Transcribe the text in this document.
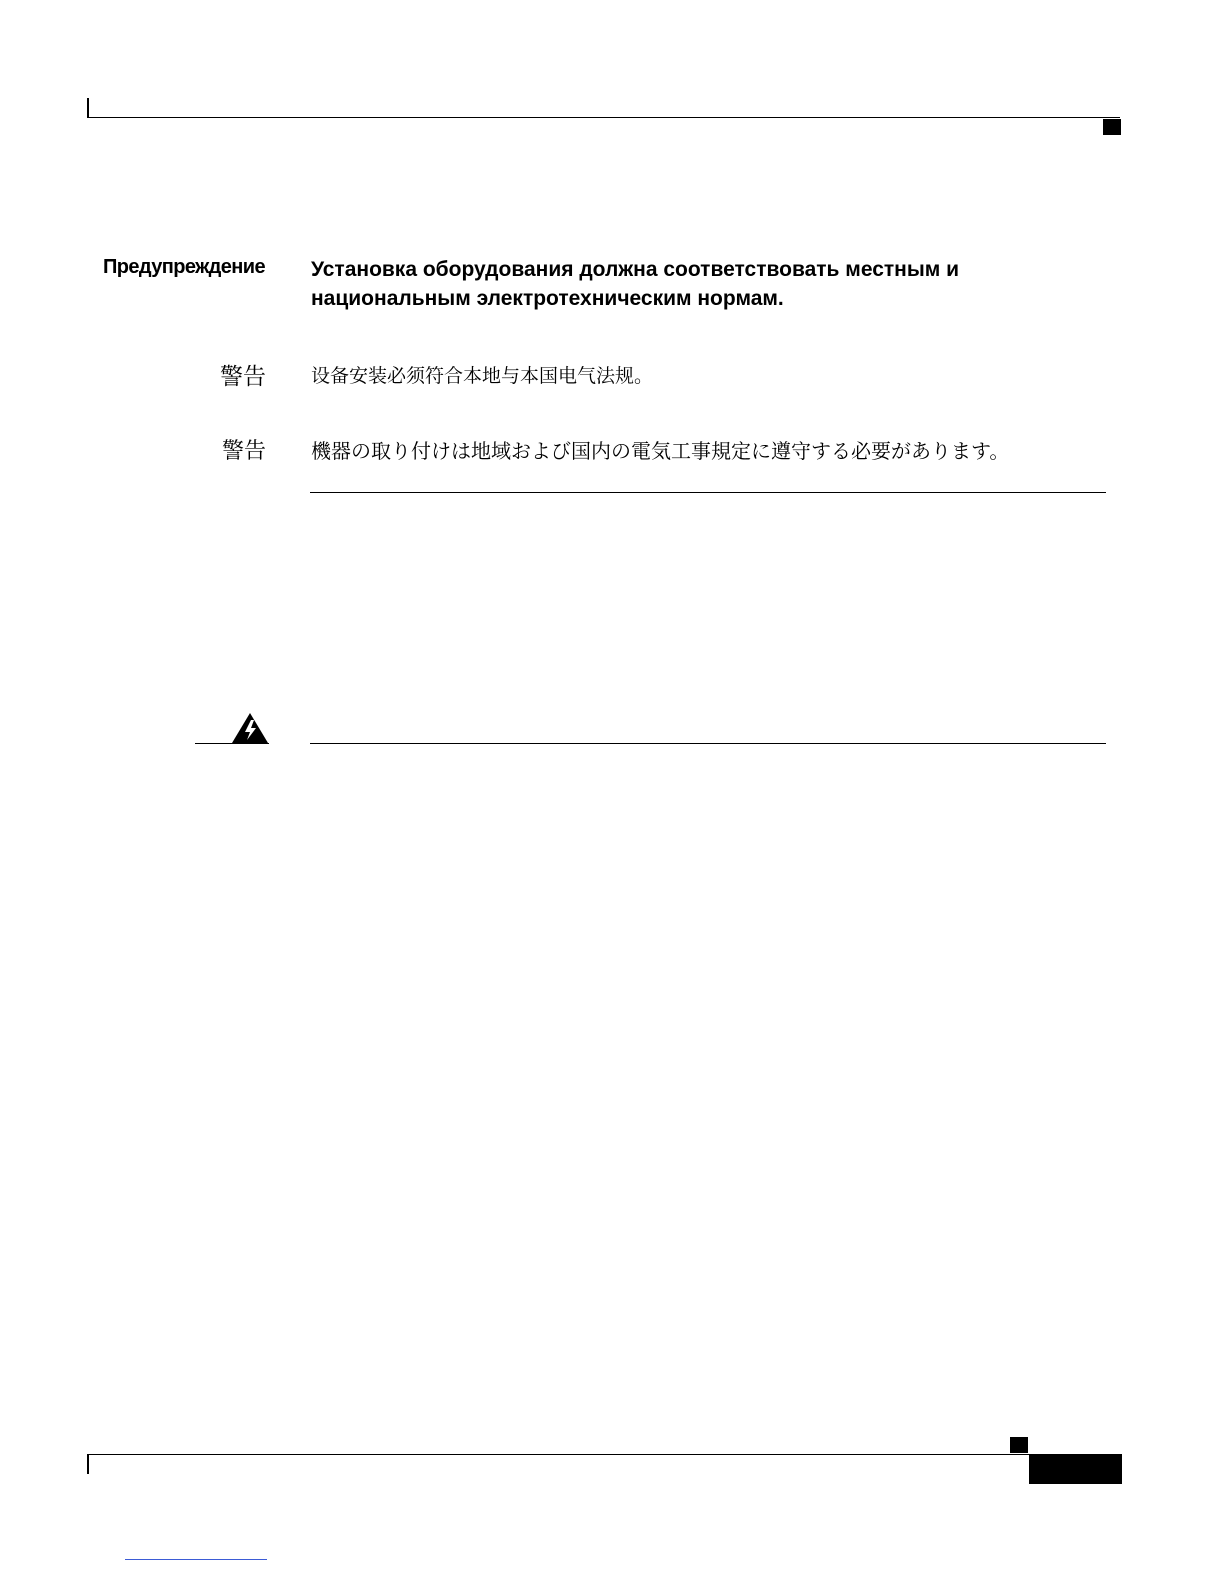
Предупреждение Установка оборудования должна соответствовать местным и национальным электротехническим нормам.
警告 设备安装必须符合本地与本国电气法规。
警告 機器の取り付けは地域および国内の電気工事規定に遵守する必要があります。
